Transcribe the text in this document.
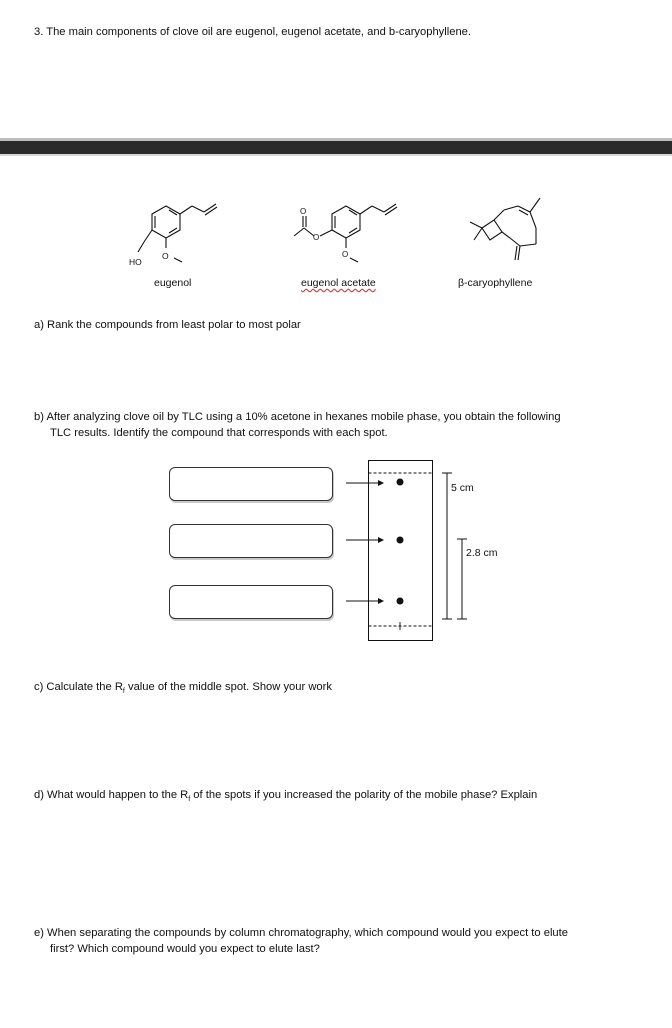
3. The main components of clove oil are eugenol, eugenol acetate, and b-caryophyllene.
HO
O
eugenol
O
O
O
eugenol acetate	β-caryophyllene
a) Rank the compounds from least polar to most polar
b) After analyzing clove oil by TLC using a 10% acetone in hexanes mobile phase, you obtain the following
TLC results. Identify the compound that corresponds with each spot.
5 cm
2.8 cm
c) Calculate the $R_f$ value of the middle spot. Show your work
d) What would happen to the $R_f$ of the spots if you increased the polarity of the mobile phase? Explain
e) When separating the compounds by column chromatography, which compound would you expect to elute
first? Which compound would you expect to elute last?
